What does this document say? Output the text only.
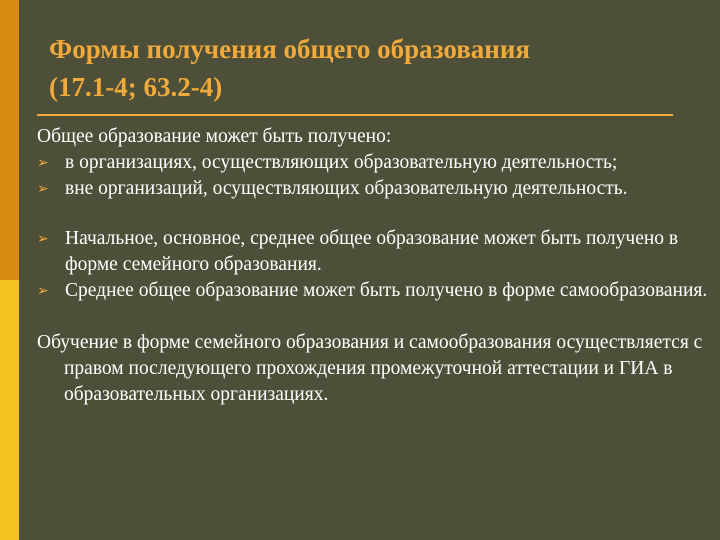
Формы получения общего образования
(17.1-4; 63.2-4)

Общее образование может быть получено:

➢ в организациях, осуществляющих образовательную деятельность;
➢ вне организаций, осуществляющих образовательную деятельность.
➢ Начальное, основное, среднее общее образование может быть получено в форме семейного образования.
➢ Среднее общее образование может быть получено в форме самообразования.

Обучение в форме семейного образования и самообразования осуществляется с правом последующего прохождения промежуточной аттестации и ГИА в образовательных организациях.
